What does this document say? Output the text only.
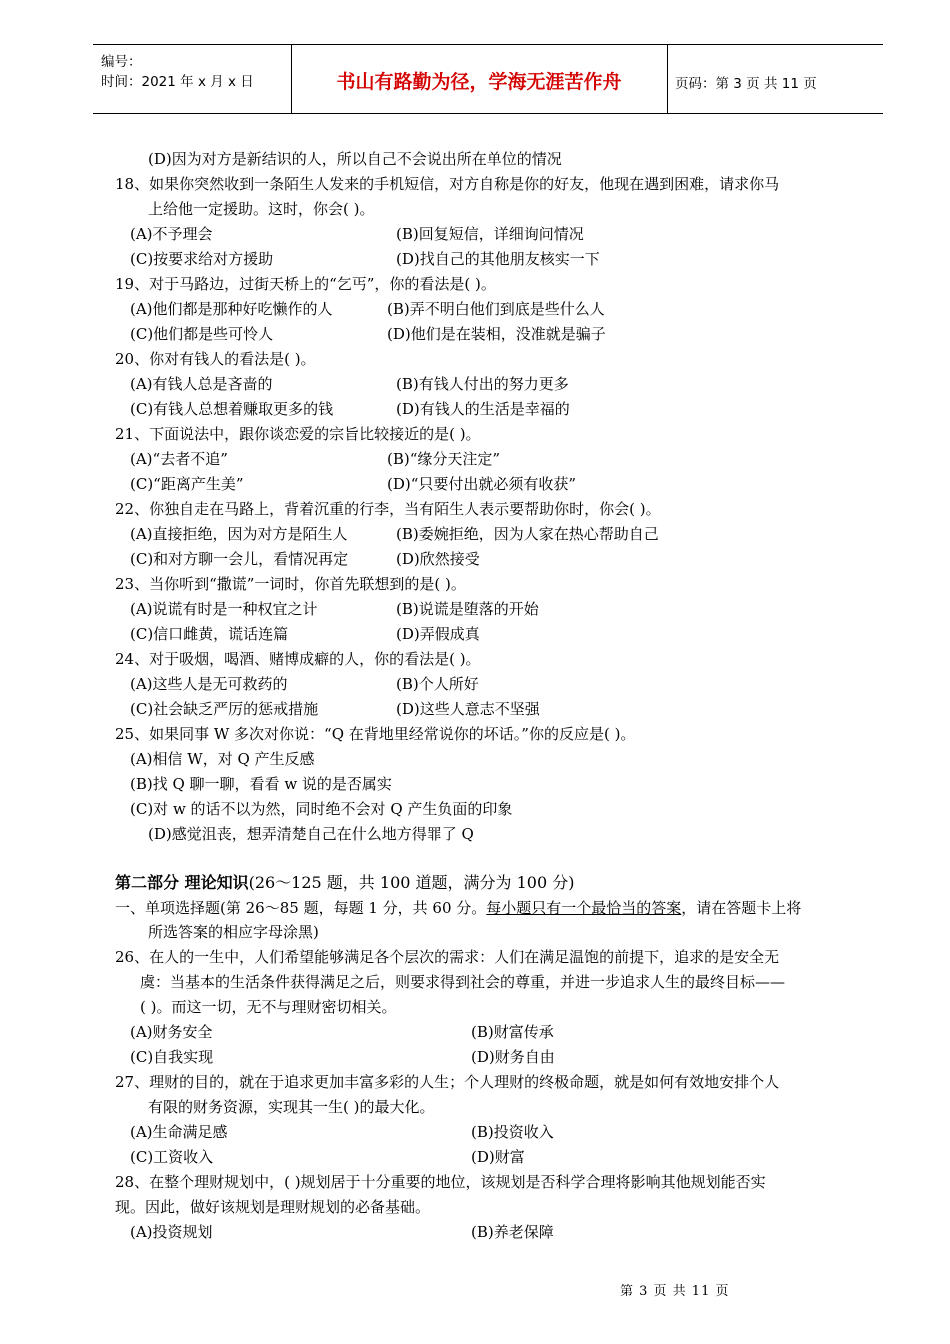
编号：
时间：2021 年 x 月 x 日	书山有路勤为径，学海无涯苦作舟	页码：第 3 页 共 11 页
(D)因为对方是新结识的人，所以自己不会说出所在单位的情况
18、如果你突然收到一条陌生人发来的手机短信，对方自称是你的好友，他现在遇到困难，请求你马
上给他一定援助。这时，你会( )。
(A)不予理会	(B)回复短信，详细询问情况
(C)按要求给对方援助	(D)找自己的其他朋友核实一下
19、对于马路边，过街天桥上的“乞丐”，你的看法是( )。
(A)他们都是那种好吃懒作的人	(B)弄不明白他们到底是些什么人
(C)他们都是些可怜人	(D)他们是在装相，没准就是骗子
20、你对有钱人的看法是( )。
(A)有钱人总是吝啬的	(B)有钱人付出的努力更多
(C)有钱人总想着赚取更多的钱	(D)有钱人的生活是幸福的
21、下面说法中，跟你谈恋爱的宗旨比较接近的是( )。
(A)“去者不追”	(B)“缘分天注定”
(C)“距离产生美”	(D)“只要付出就必须有收获”
22、你独自走在马路上，背着沉重的行李，当有陌生人表示要帮助你时，你会( )。
(A)直接拒绝，因为对方是陌生人	(B)委婉拒绝，因为人家在热心帮助自己
(C)和对方聊一会儿，看情况再定	(D)欣然接受
23、当你听到“撒谎”一词时，你首先联想到的是( )。
(A)说谎有时是一种权宜之计	(B)说谎是堕落的开始
(C)信口雌黄，谎话连篇	(D)弄假成真
24、对于吸烟，喝酒、赌博成癖的人，你的看法是( )。
(A)这些人是无可救药的	(B)个人所好
(C)社会缺乏严厉的惩戒措施	(D)这些人意志不坚强
25、如果同事 W 多次对你说：“Q 在背地里经常说你的坏话。”你的反应是( )。
(A)相信 W，对 Q 产生反感
(B)找 Q 聊一聊，看看 w 说的是否属实
(C)对 w 的话不以为然，同时绝不会对 Q 产生负面的印象
(D)感觉沮丧，想弄清楚自己在什么地方得罪了 Q
第二部分 理论知识(26～125 题，共 100 道题，满分为 100 分)
一、单项选择题(第 26～85 题，每题 1 分，共 60 分。每小题只有一个最恰当的答案，请在答题卡上将
所选答案的相应字母涂黑)
26、在人的一生中，人们希望能够满足各个层次的需求：人们在满足温饱的前提下，追求的是安全无
虞：当基本的生活条件获得满足之后，则要求得到社会的尊重，并进一步追求人生的最终目标——
( )。而这一切，无不与理财密切相关。
(A)财务安全	(B)财富传承
(C)自我实现	(D)财务自由
27、理财的目的，就在于追求更加丰富多彩的人生；个人理财的终极命题，就是如何有效地安排个人
有限的财务资源，实现其一生( )的最大化。
(A)生命满足感	(B)投资收入
(C)工资收入	(D)财富
28、在整个理财规划中，( )规划居于十分重要的地位，该规划是否科学合理将影响其他规划能否实
现。因此，做好该规划是理财规划的必备基础。
(A)投资规划	(B)养老保障
第 3 页 共 11 页
